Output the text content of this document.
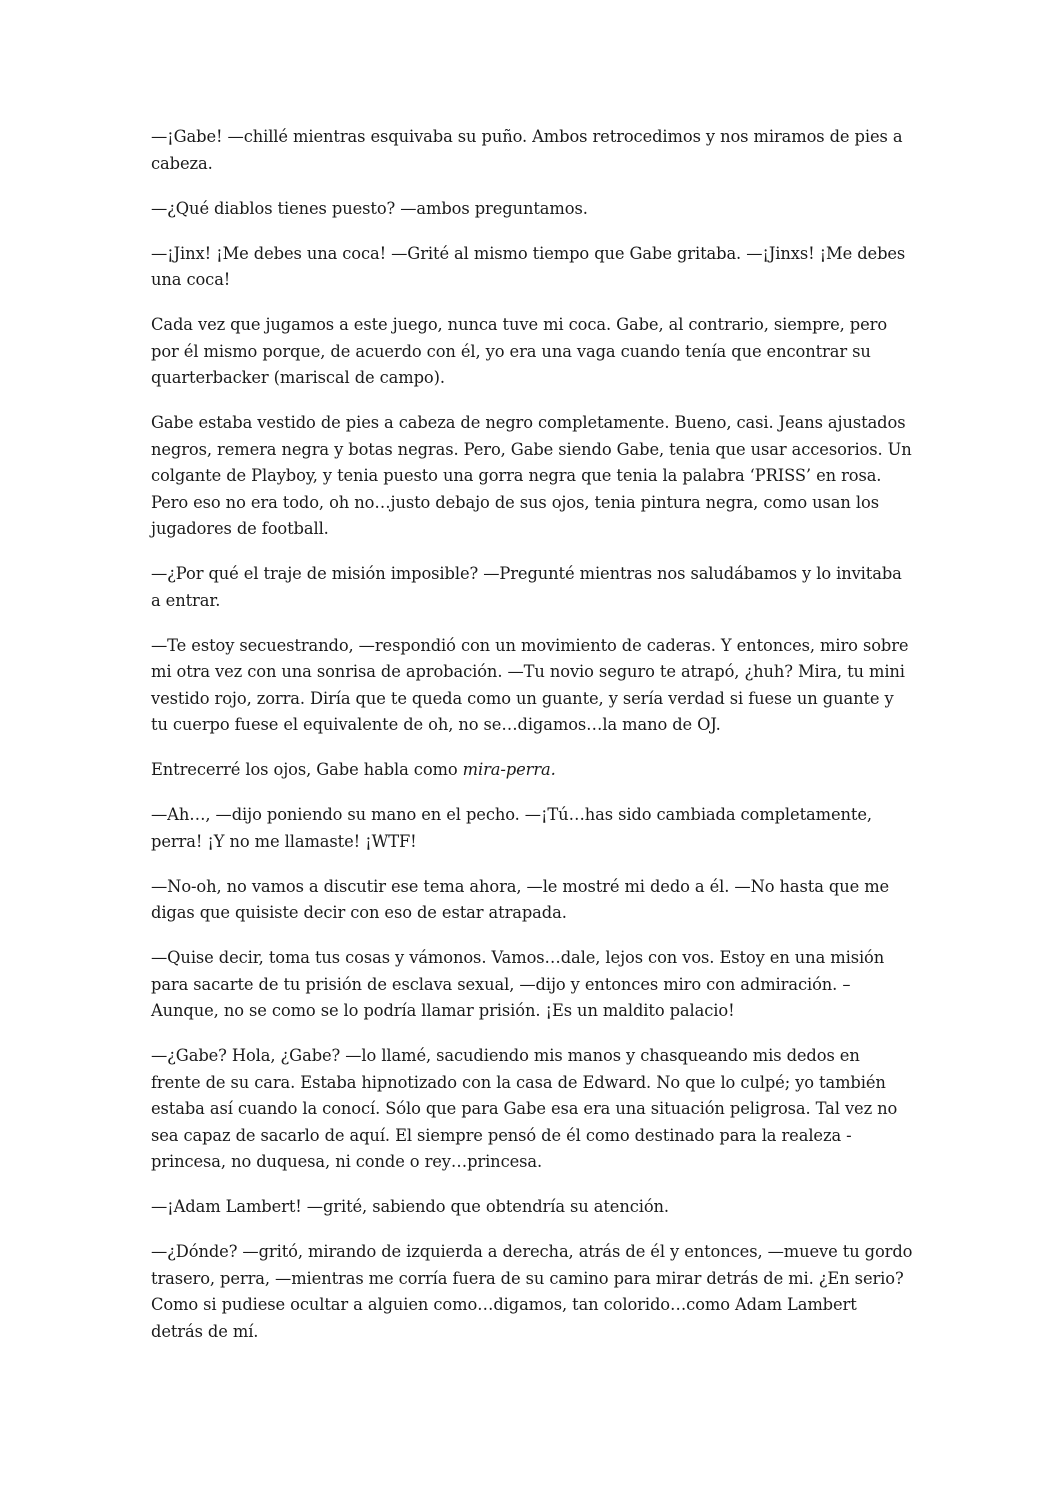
—¡Gabe! —chillé mientras esquivaba su puño. Ambos retrocedimos y nos miramos de pies a cabeza.

—¿Qué diablos tienes puesto? —ambos preguntamos.

—¡Jinx! ¡Me debes una coca! —Grité al mismo tiempo que Gabe gritaba. —¡Jinxs! ¡Me debes una coca!

Cada vez que jugamos a este juego, nunca tuve mi coca. Gabe, al contrario, siempre, pero por él mismo porque, de acuerdo con él, yo era una vaga cuando tenía que encontrar su quarterbacker (mariscal de campo).

Gabe estaba vestido de pies a cabeza de negro completamente. Bueno, casi. Jeans ajustados negros, remera negra y botas negras. Pero, Gabe siendo Gabe, tenia que usar accesorios. Un colgante de Playboy, y tenia puesto una gorra negra que tenia la palabra ‘PRISS’ en rosa. Pero eso no era todo, oh no…justo debajo de sus ojos, tenia pintura negra, como usan los jugadores de football.

—¿Por qué el traje de misión imposible? —Pregunté mientras nos saludábamos y lo invitaba a entrar.

—Te estoy secuestrando, —respondió con un movimiento de caderas. Y entonces, miro sobre mi otra vez con una sonrisa de aprobación. —Tu novio seguro te atrapó, ¿huh? Mira, tu mini vestido rojo, zorra. Diría que te queda como un guante, y sería verdad si fuese un guante y tu cuerpo fuese el equivalente de oh, no se…digamos…la mano de OJ.

Entrecerré los ojos, Gabe habla como mira-perra.

—Ah…, —dijo poniendo su mano en el pecho. —¡Tú…has sido cambiada completamente, perra! ¡Y no me llamaste! ¡WTF!

—No-oh, no vamos a discutir ese tema ahora, —le mostré mi dedo a él. —No hasta que me digas que quisiste decir con eso de estar atrapada.

—Quise decir, toma tus cosas y vámonos. Vamos…dale, lejos con vos. Estoy en una misión para sacarte de tu prisión de esclava sexual, —dijo y entonces miro con admiración. –Aunque, no se como se lo podría llamar prisión. ¡Es un maldito palacio!

—¿Gabe? Hola, ¿Gabe? —lo llamé, sacudiendo mis manos y chasqueando mis dedos en frente de su cara. Estaba hipnotizado con la casa de Edward. No que lo culpé; yo también estaba así cuando la conocí. Sólo que para Gabe esa era una situación peligrosa. Tal vez no sea capaz de sacarlo de aquí. El siempre pensó de él como destinado para la realeza -princesa, no duquesa, ni conde o rey…princesa.

—¡Adam Lambert! —grité, sabiendo que obtendría su atención.

—¿Dónde? —gritó, mirando de izquierda a derecha, atrás de él y entonces, —mueve tu gordo trasero, perra, —mientras me corría fuera de su camino para mirar detrás de mi. ¿En serio? Como si pudiese ocultar a alguien como…digamos, tan colorido…como Adam Lambert detrás de mí.
